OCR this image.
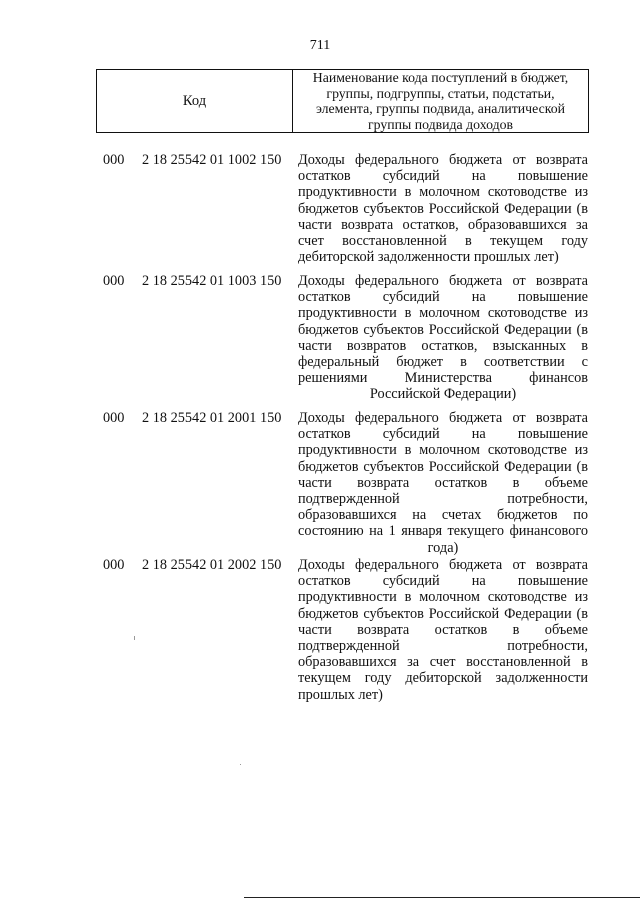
711
Код	
Наименование кода поступлений в бюджет,
группы, подгруппы, статьи, подстатьи,
элемента, группы подвида, аналитической
группы подвида доходов
000 2 18 25542 01 1002 150 Доходы федерального бюджета от возврата
остатков субсидий на повышение
продуктивности в молочном скотоводстве из
бюджетов субъектов Российской Федерации (в
части возврата остатков, образовавшихся за
счет восстановленной в текущем году
дебиторской задолженности прошлых лет)
000 2 18 25542 01 1003 150 Доходы федерального бюджета от возврата
остатков субсидий на повышение
продуктивности в молочном скотоводстве из
бюджетов субъектов Российской Федерации (в
части возвратов остатков, взысканных в
федеральный бюджет в соответствии с
решениями Министерства финансов
Российской Федерации)
000 2 18 25542 01 2001 150 Доходы федерального бюджета от возврата
остатков субсидий на повышение
продуктивности в молочном скотоводстве из
бюджетов субъектов Российской Федерации (в
части возврата остатков в объеме
подтвержденной потребности,
образовавшихся на счетах бюджетов по
состоянию на 1 января текущего финансового
года)
000 2 18 25542 01 2002 150 Доходы федерального бюджета от возврата
остатков субсидий на повышение
продуктивности в молочном скотоводстве из
бюджетов субъектов Российской Федерации (в
части возврата остатков в объеме
подтвержденной потребности,
образовавшихся за счет восстановленной в
текущем году дебиторской задолженности
прошлых лет)
